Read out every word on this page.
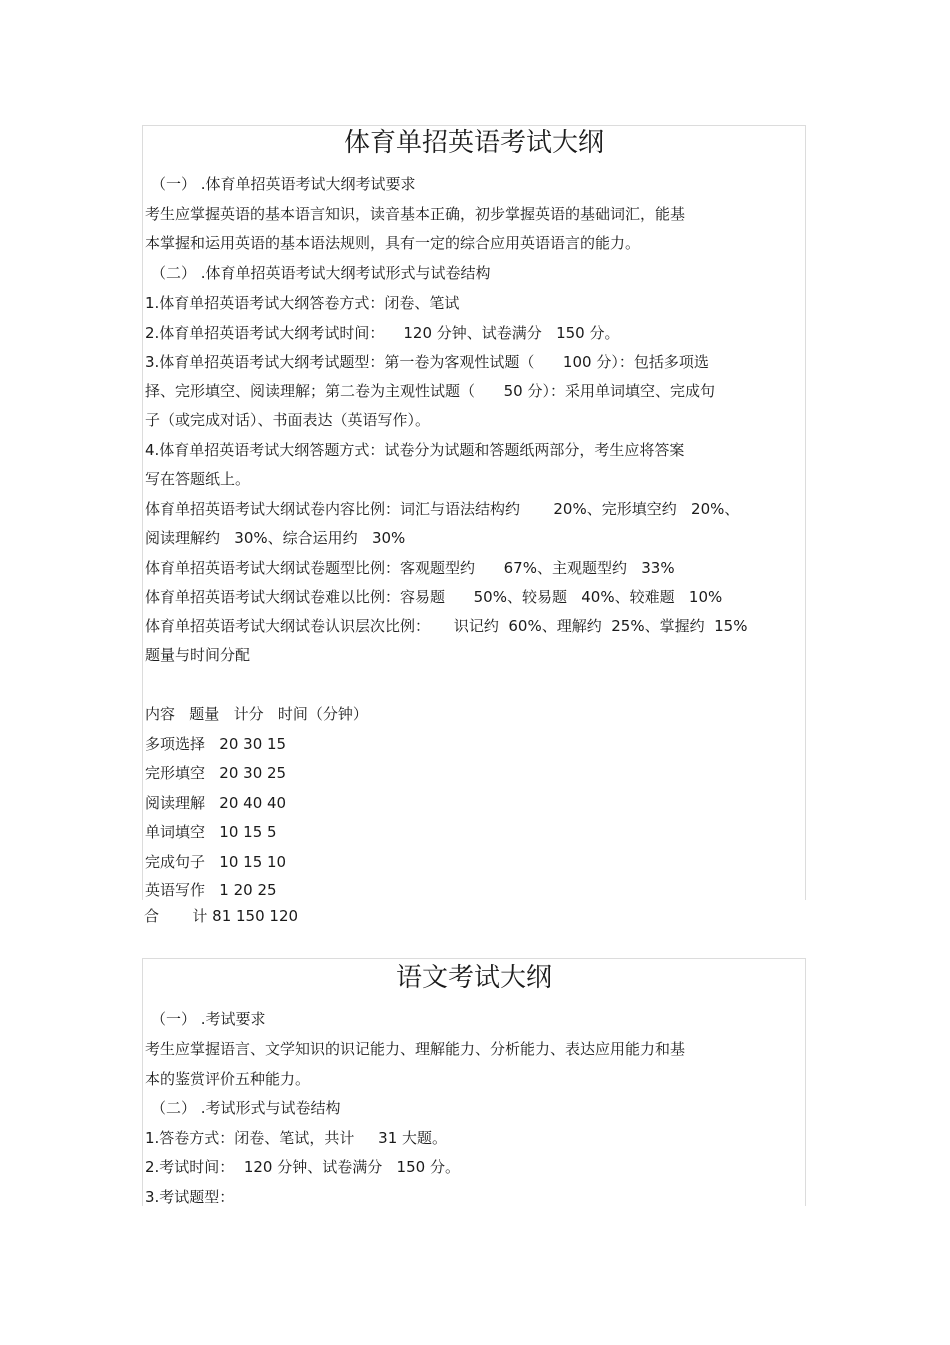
体育单招英语考试大纲
（一） .体育单招英语考试大纲考试要求
考生应掌握英语的基本语言知识，读音基本正确，初步掌握英语的基础词汇，能基
本掌握和运用英语的基本语法规则，具有一定的综合应用英语语言的能力。
（二） .体育单招英语考试大纲考试形式与试卷结构
1.体育单招英语考试大纲答卷方式：闭卷、笔试
2.体育单招英语考试大纲考试时间：    120 分钟、试卷满分   150 分。
3.体育单招英语考试大纲考试题型：第一卷为客观性试题（      100 分）：包括多项选
择、完形填空、阅读理解；第二卷为主观性试题（      50 分）：采用单词填空、完成句
子（或完成对话）、书面表达（英语写作）。
4.体育单招英语考试大纲答题方式：试卷分为试题和答题纸两部分，考生应将答案
写在答题纸上。
体育单招英语考试大纲试卷内容比例：词汇与语法结构约       20%、完形填空约   20%、
阅读理解约   30%、综合运用约   30%
体育单招英语考试大纲试卷题型比例：客观题型约      67%、主观题型约   33%
体育单招英语考试大纲试卷难以比例：容易题      50%、较易题   40%、较难题   10%
体育单招英语考试大纲试卷认识层次比例：     识记约  60%、理解约  25%、掌握约  15%
题量与时间分配
内容   题量   计分   时间（分钟）
多项选择   20 30 15
完形填空   20 30 25
阅读理解   20 40 40
单词填空   10 15 5
完成句子   10 15 10
英语写作   1 20 25
合       计 81 150 120
语文考试大纲
（一） .考试要求
考生应掌握语言、文学知识的识记能力、理解能力、分析能力、表达应用能力和基
本的鉴赏评价五种能力。
（二） .考试形式与试卷结构
1.答卷方式：闭卷、笔试，共计     31 大题。
2.考试时间：  120 分钟、试卷满分   150 分。
3.考试题型：
